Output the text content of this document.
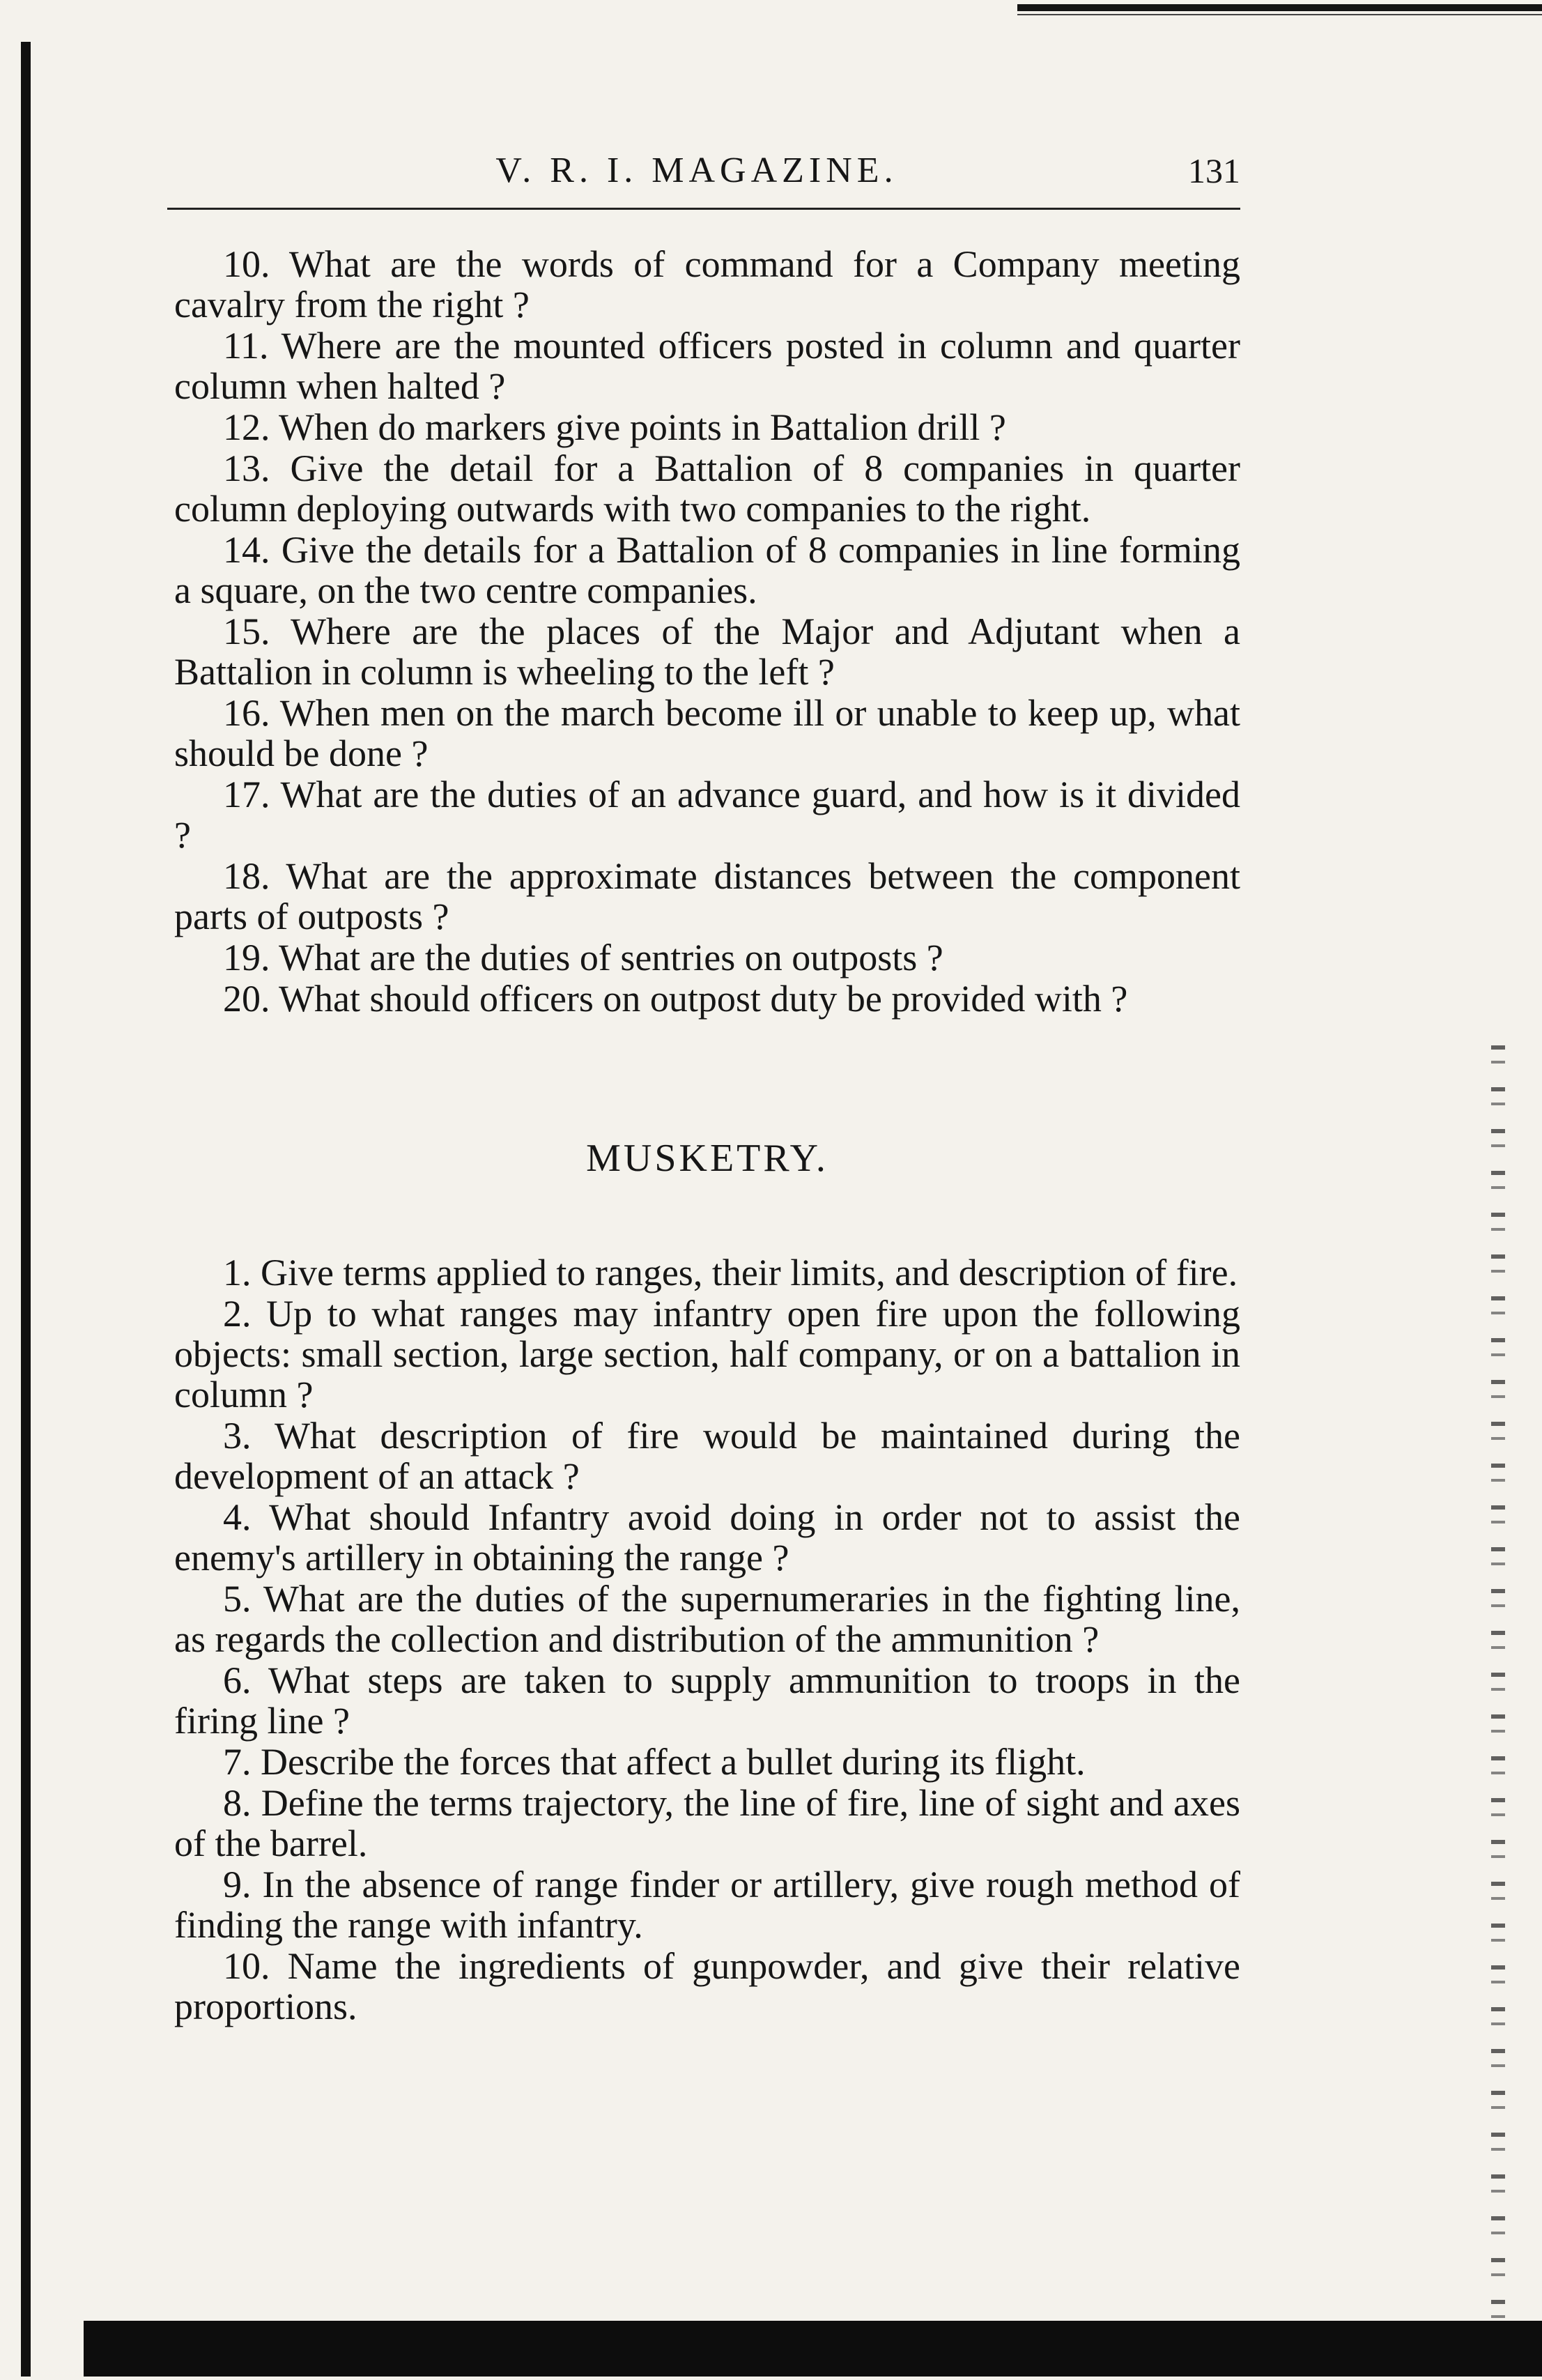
V. R. I. MAGAZINE.	131

10. What are the words of command for a Company meeting cavalry from the right ?

11. Where are the mounted officers posted in column and quarter column when halted ?

12. When do markers give points in Battalion drill ?

13. Give the detail for a Battalion of 8 companies in quarter column deploying outwards with two companies to the right.

14. Give the details for a Battalion of 8 companies in line forming a square, on the two centre companies.

15. Where are the places of the Major and Adjutant when a Battalion in column is wheeling to the left ?

16. When men on the march become ill or unable to keep up, what should be done ?

17. What are the duties of an advance guard, and how is it divided ?

18. What are the approximate distances between the component parts of outposts ?

19. What are the duties of sentries on outposts ?

20. What should officers on outpost duty be provided with ?

MUSKETRY.

1. Give terms applied to ranges, their limits, and description of fire.

2. Up to what ranges may infantry open fire upon the following objects: small section, large section, half company, or on a battalion in column ?

3. What description of fire would be maintained during the development of an attack ?

4. What should Infantry avoid doing in order not to assist the enemy's artillery in obtaining the range ?

5. What are the duties of the supernumeraries in the fighting line, as regards the collection and distribution of the ammunition ?

6. What steps are taken to supply ammunition to troops in the firing line ?

7. Describe the forces that affect a bullet during its flight.

8. Define the terms trajectory, the line of fire, line of sight and axes of the barrel.

9. In the absence of range finder or artillery, give rough method of finding the range with infantry.

10. Name the ingredients of gunpowder, and give their relative proportions.
